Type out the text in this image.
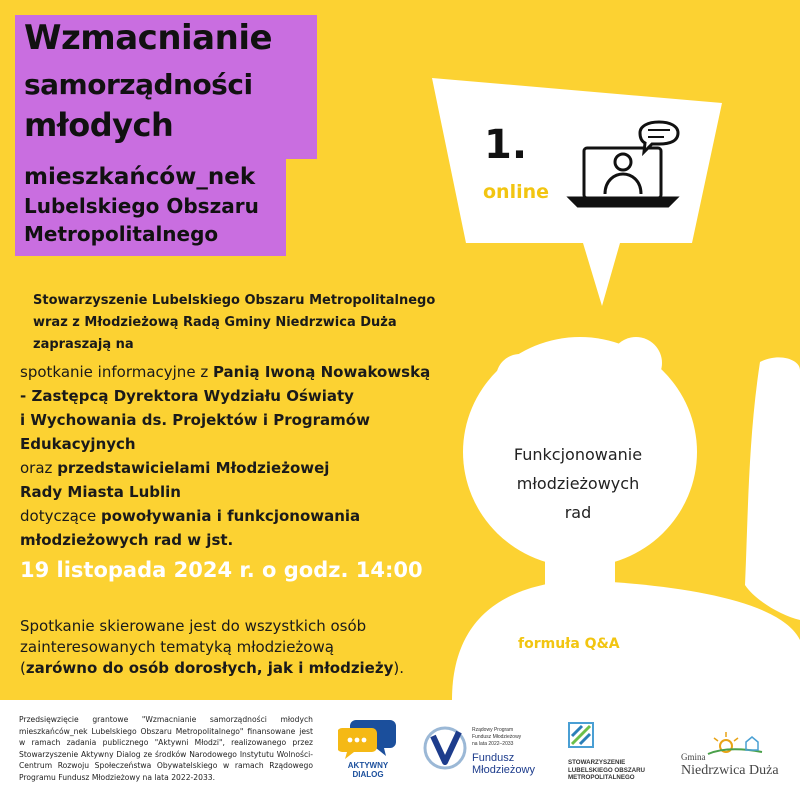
Wzmacnianie
samorządności
młodych
mieszkańców_nek
Lubelskiego Obszaru
Metropolitalnego
1.
online
Funkcjonowanie
młodzieżowych
rad
formuła Q&A
Stowarzyszenie Lubelskiego Obszaru Metropolitalnego
wraz z Młodzieżową Radą Gminy Niedrzwica Duża
zapraszają na
spotkanie informacyjne z Panią Iwoną Nowakowską
- Zastępcą Dyrektora Wydziału Oświaty
i Wychowania ds. Projektów i Programów Edukacyjnych
oraz przedstawicielami Młodzieżowej
Rady Miasta Lublin
dotyczące powoływania i funkcjonowania
młodzieżowych rad w jst.
19 listopada 2024 r. o godz. 14:00
Spotkanie skierowane jest do wszystkich osób
zainteresowanych tematyką młodzieżową
(zarówno do osób dorosłych, jak i młodzieży).
Przedsięwzięcie grantowe "Wzmacnianie samorządności młodych mieszkańców_nek Lubelskiego Obszaru Metropolitalnego" finansowane jest w ramach zadania publicznego "Aktywni Młodzi", realizowanego przez Stowarzyszenie Aktywny Dialog ze środków Narodowego Instytutu Wolności- Centrum Rozwoju Społeczeństwa Obywatelskiego w ramach Rządowego Programu Fundusz Młodzieżowy na lata 2022-2033.
AKTYWNY
DIALOG
Rządowy Program
Fundusz Młodzieżowy
na lata 2022–2033
Fundusz
Młodzieżowy
STOWARZYSZENIE
LUBELSKIEGO OBSZARU
METROPOLITALNEGO
Gmina
Niedrzwica Duża
